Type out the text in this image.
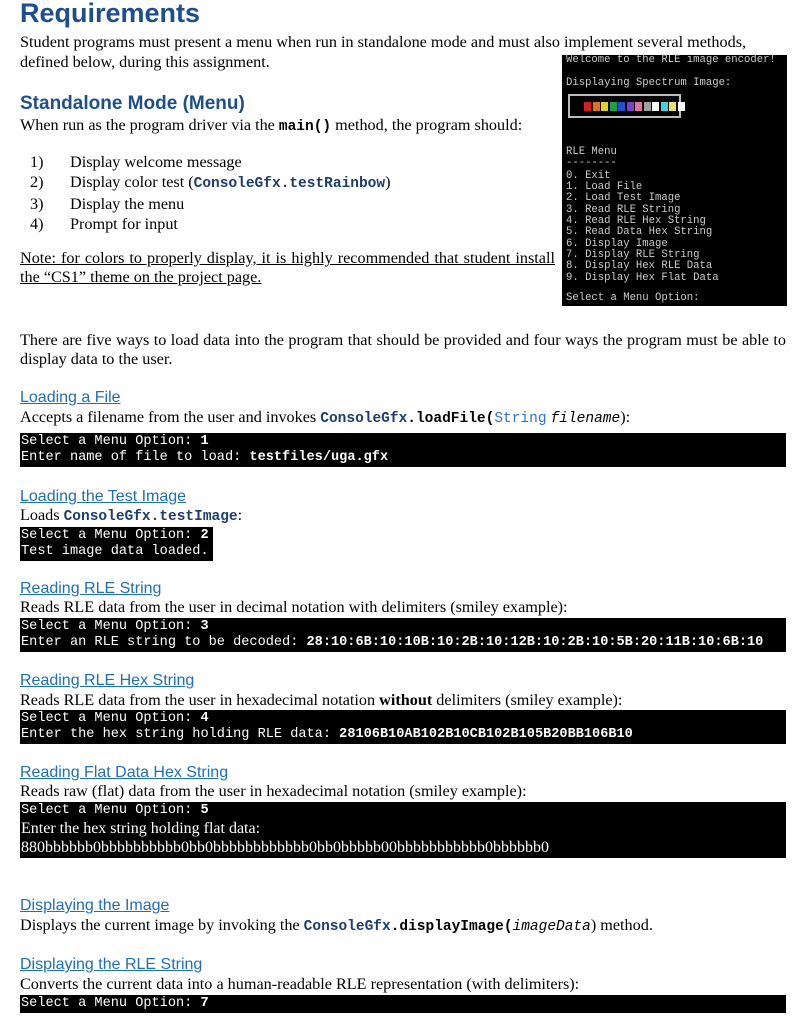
Requirements
Student programs must present a menu when run in standalone mode and must also implement several methods,
defined below, during this assignment.
Standalone Mode (Menu)
When run as the program driver via the main() method, the program should:
1) Display welcome message
2) Display color test (ConsoleGfx.testRainbow)
3) Display the menu
4) Prompt for input
Note: for colors to properly display, it is highly recommended that student install the “CS1” theme on the project page.
Welcome to the RLE image encoder!
Displaying Spectrum Image:
RLE Menu
--------
0. Exit
1. Load File
2. Load Test Image
3. Read RLE String
4. Read RLE Hex String
5. Read Data Hex String
6. Display Image
7. Display RLE String
8. Display Hex RLE Data
9. Display Hex Flat Data
Select a Menu Option:
There are five ways to load data into the program that should be provided and four ways the program must be able to display data to the user.
Loading a File
Accepts a filename from the user and invokes ConsoleGfx.loadFile(String filename):
Select a Menu Option: 1
Enter name of file to load: testfiles/uga.gfx
Loading the Test Image
Loads ConsoleGfx.testImage:
Select a Menu Option: 2
Test image data loaded.
Reading RLE String
Reads RLE data from the user in decimal notation with delimiters (smiley example):
Select a Menu Option: 3
Enter an RLE string to be decoded: 28:10:6B:10:10B:10:2B:10:12B:10:2B:10:5B:20:11B:10:6B:10
Reading RLE Hex String
Reads RLE data from the user in hexadecimal notation without delimiters (smiley example):
Select a Menu Option: 4
Enter the hex string holding RLE data: 28106B10AB102B10CB102B105B20BB106B10
Reading Flat Data Hex String
Reads raw (flat) data from the user in hexadecimal notation (smiley example):
Select a Menu Option: 5
Enter the hex string holding flat data:
880bbbbbb0bbbbbbbbbb0bb0bbbbbbbbbbbb0bb0bbbbb00bbbbbbbbbbb0bbbbbb0
Displaying the Image
Displays the current image by invoking the ConsoleGfx.displayImage(imageData) method.
Displaying the RLE String
Converts the current data into a human-readable RLE representation (with delimiters):
Select a Menu Option: 7
